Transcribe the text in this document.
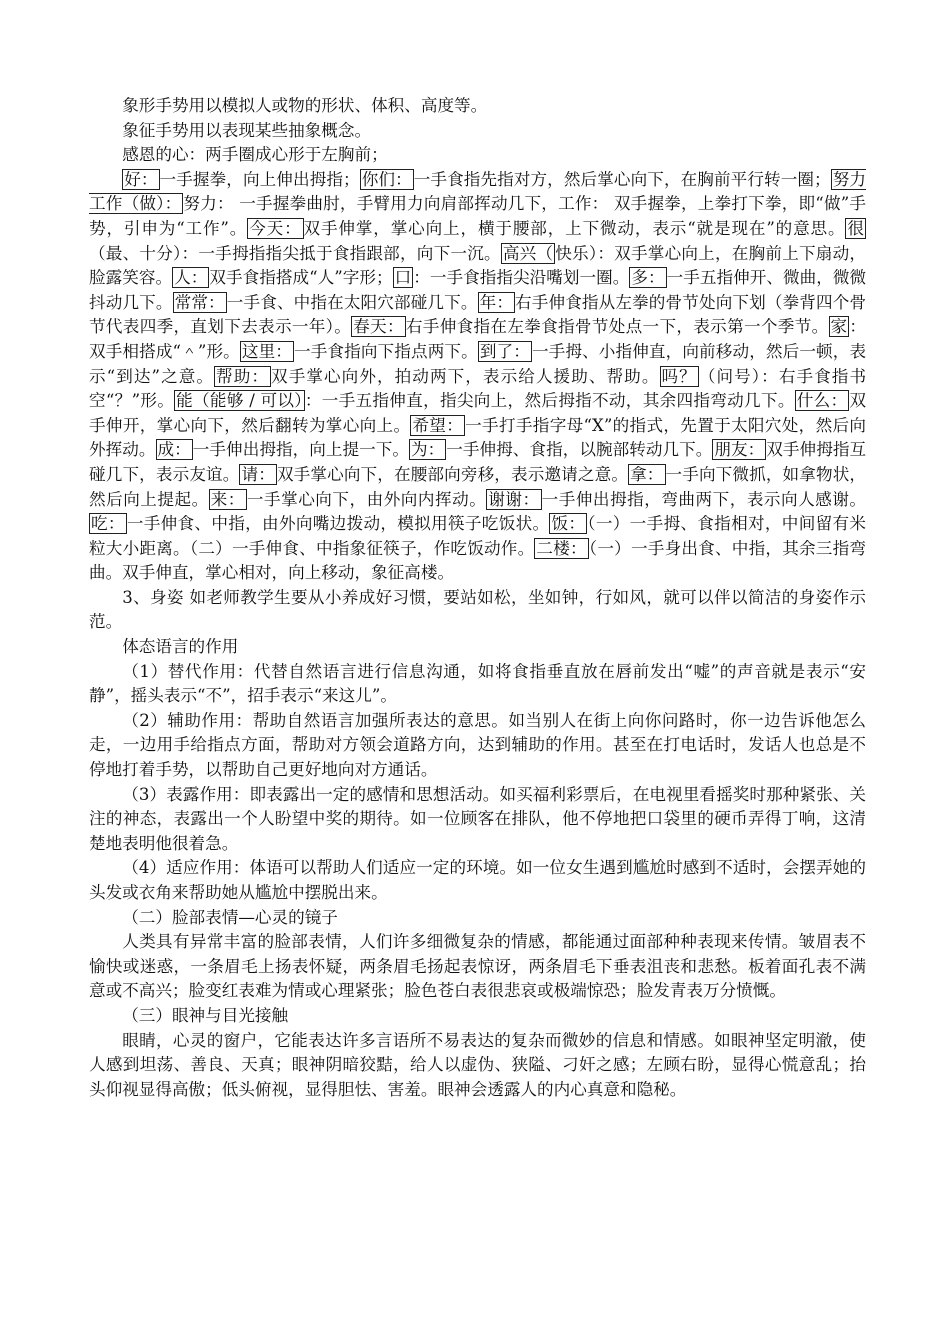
象形手势用以模拟人或物的形状、体积、高度等。

象征手势用以表现某些抽象概念。

感恩的心：两手圈成心形于左胸前；

好： 一手握拳，向上伸出拇指； 你们： 一手食指先指对方，然后掌心向下，在胸前平行转一圈； 努力工作（做）： 努力： 一手握拳曲肘，手臂用力向肩部挥动几下，工作： 双手握拳，上拳打下拳，即“做”手势，引申为“工作”。 今天： 双手伸掌，掌心向上，横于腰部，上下微动，表示“就是现在”的意思。 很（最、十分）：一手拇指指尖抵于食指跟部，向下一沉。 高兴（ 快乐）：双手掌心向上，在胸前上下扇动，脸露笑容。 人： 双手食指搭成“人”字形； 口 ：一手食指指尖沿嘴划一圈。 多： 一手五指伸开、微曲，微微抖动几下。 常常： 一手食、中指在太阳穴部碰几下。 年： 右手伸食指从左拳的骨节处向下划（拳背四个骨节代表四季，直划下去表示一年）。 春天： 右手伸食指在左拳食指骨节处点一下，表示第一个季节。 家 ：双手相搭成“＾”形。 这里： 一手食指向下指点两下。 到了： 一手拇、小指伸直，向前移动，然后一顿，表示“到达”之意。 帮助： 双手掌心向外，拍动两下，表示给人援助、帮助。 吗？ （问号）：右手食指书空“？”形。 能（能够 / 可以） ：一手五指伸直，指尖向上，然后拇指不动，其余四指弯动几下。 什么： 双手伸开，掌心向下，然后翻转为掌心向上。 希望： 一手打手指字母“X”的指式，先置于太阳穴处，然后向外挥动。 成： 一手伸出拇指，向上提一下。 为： 一手伸拇、食指，以腕部转动几下。 朋友： 双手伸拇指互碰几下，表示友谊。 请： 双手掌心向下，在腰部向旁移，表示邀请之意。 拿： 一手向下微抓，如拿物状，然后向上提起。 来： 一手掌心向下，由外向内挥动。 谢谢： 一手伸出拇指，弯曲两下，表示向人感谢。吃： 一手伸食、中指，由外向嘴边拨动，模拟用筷子吃饭状。 饭： （一）一手拇、食指相对，中间留有米粒大小距离。（二）一手伸食、中指象征筷子，作吃饭动作。 二楼： （一）一手身出食、中指，其余三指弯曲。双手伸直，掌心相对，向上移动，象征高楼。

3、身姿 如老师教学生要从小养成好习惯，要站如松，坐如钟，行如风，就可以伴以简洁的身姿作示范。

体态语言的作用

（1）替代作用：代替自然语言进行信息沟通，如将食指垂直放在唇前发出“嘘”的声音就是表示“安静”，摇头表示“不”，招手表示“来这儿”。

（2）辅助作用：帮助自然语言加强所表达的意思。如当别人在街上向你问路时，你一边告诉他怎么走，一边用手给指点方面，帮助对方领会道路方向，达到辅助的作用。甚至在打电话时，发话人也总是不停地打着手势，以帮助自己更好地向对方通话。

（3）表露作用：即表露出一定的感情和思想活动。如买福利彩票后，在电视里看摇奖时那种紧张、关注的神态，表露出一个人盼望中奖的期待。如一位顾客在排队，他不停地把口袋里的硬币弄得丁响，这清楚地表明他很着急。

（4）适应作用：体语可以帮助人们适应一定的环境。如一位女生遇到尴尬时感到不适时，会摆弄她的头发或衣角来帮助她从尴尬中摆脱出来。

（二）脸部表情—心灵的镜子

人类具有异常丰富的脸部表情，人们许多细微复杂的情感，都能通过面部种种表现来传情。皱眉表不愉快或迷惑，一条眉毛上扬表怀疑，两条眉毛扬起表惊讶，两条眉毛下垂表沮丧和悲愁。板着面孔表不满意或不高兴；脸变红表难为情或心理紧张；脸色苍白表很悲哀或极端惊恐；脸发青表万分愤慨。

（三）眼神与目光接触

眼睛，心灵的窗户，它能表达许多言语所不易表达的复杂而微妙的信息和情感。如眼神坚定明澈，使人感到坦荡、善良、天真；眼神阴暗狡黠，给人以虚伪、狭隘、刁奸之感；左顾右盼，显得心慌意乱；抬头仰视显得高傲；低头俯视，显得胆怯、害羞。眼神会透露人的内心真意和隐秘。
